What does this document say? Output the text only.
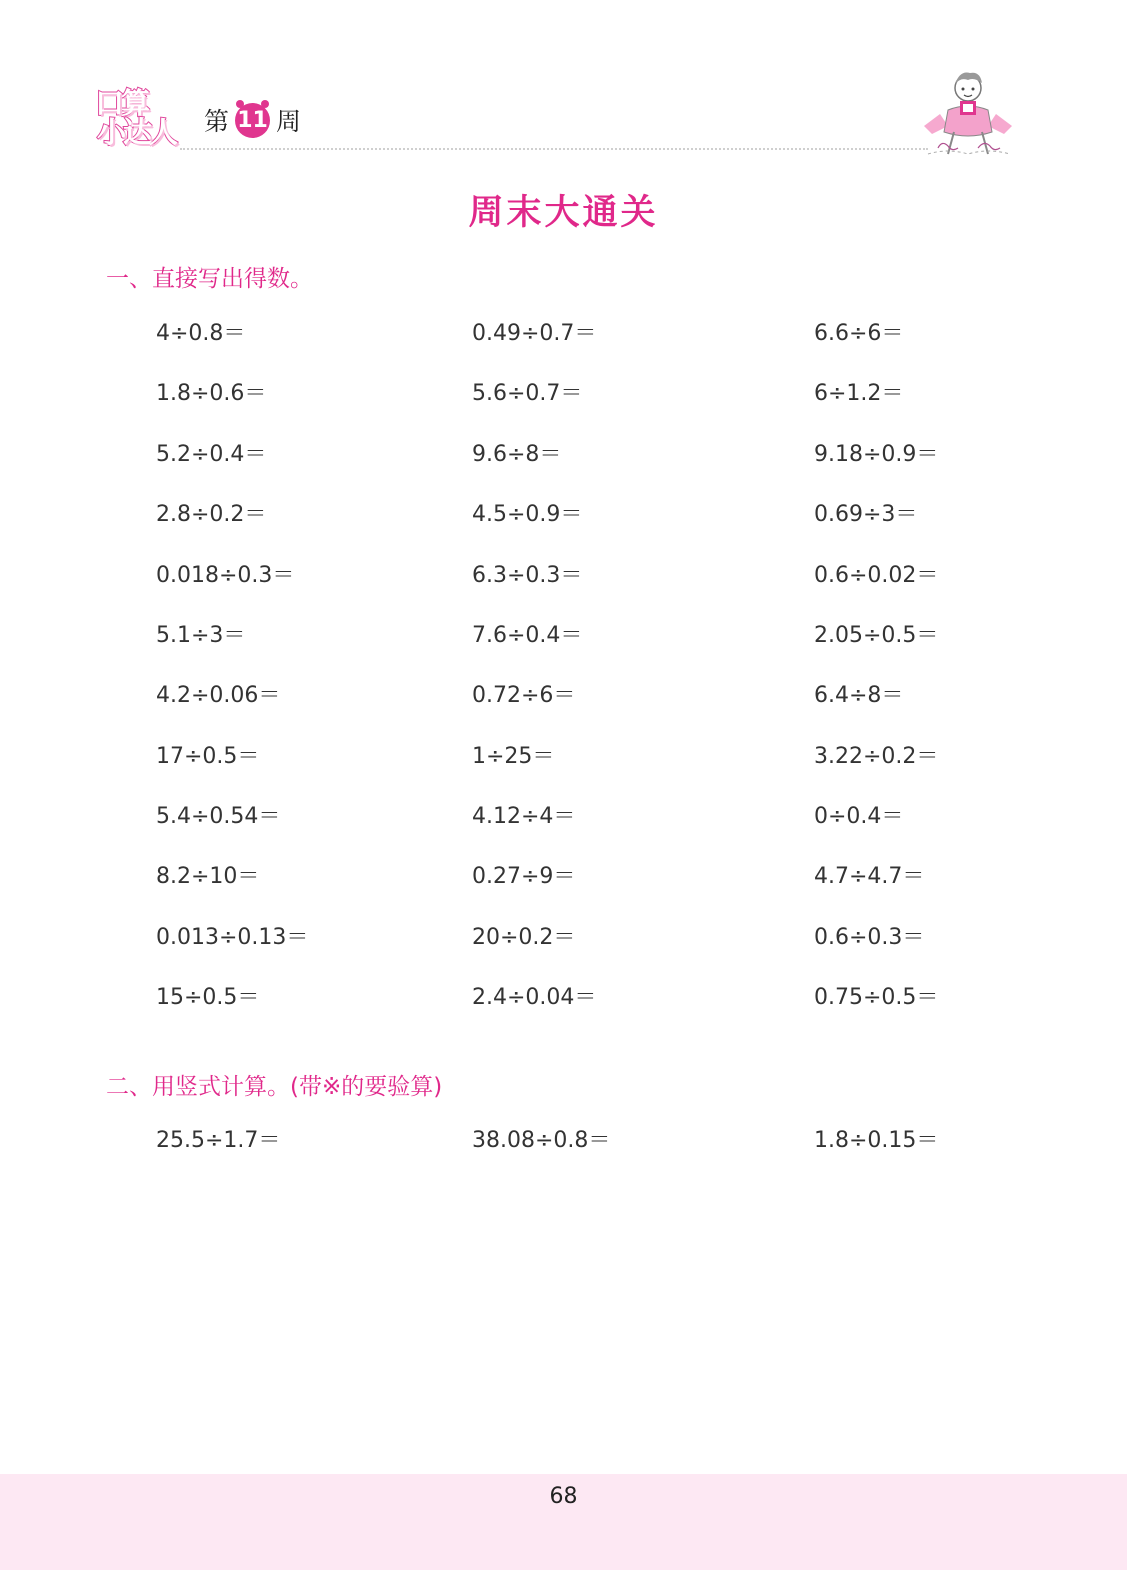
口算
小达人 第 11 周
周末大通关
一、直接写出得数。
4÷0.8＝
1.8÷0.6＝
5.2÷0.4＝
2.8÷0.2＝
0.018÷0.3＝
5.1÷3＝
4.2÷0.06＝
17÷0.5＝
5.4÷0.54＝
8.2÷10＝
0.013÷0.13＝
15÷0.5＝
0.49÷0.7＝
5.6÷0.7＝
9.6÷8＝
4.5÷0.9＝
6.3÷0.3＝
7.6÷0.4＝
0.72÷6＝
1÷25＝
4.12÷4＝
0.27÷9＝
20÷0.2＝
2.4÷0.04＝
6.6÷6＝
6÷1.2＝
9.18÷0.9＝
0.69÷3＝
0.6÷0.02＝
2.05÷0.5＝
6.4÷8＝
3.22÷0.2＝
0÷0.4＝
4.7÷4.7＝
0.6÷0.3＝
0.75÷0.5＝
二、用竖式计算。(带※的要验算)
25.5÷1.7＝	38.08÷0.8＝	1.8÷0.15＝
68
